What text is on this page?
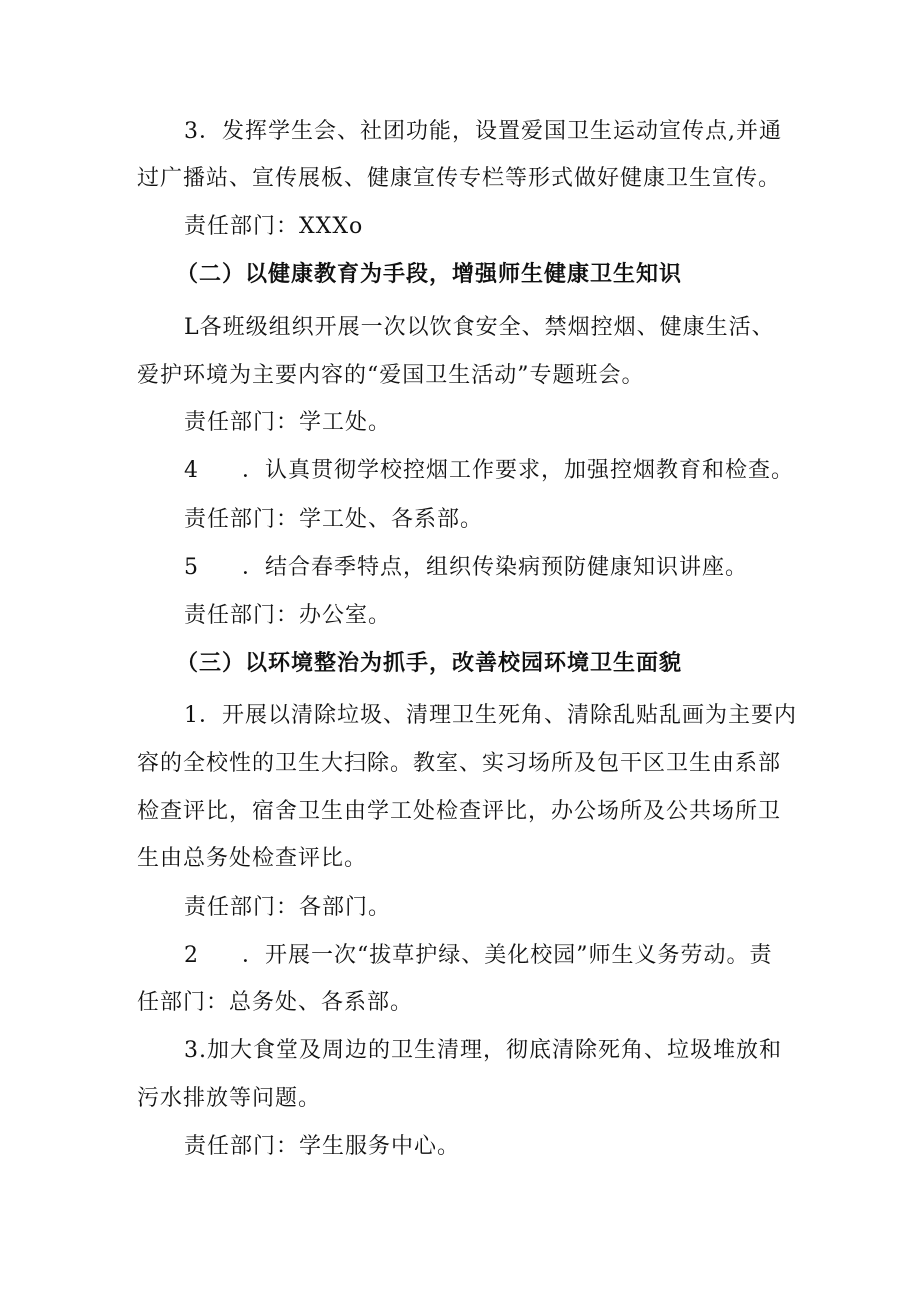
3．发挥学生会、社团功能，设置爱国卫生运动宣传点,并通
过广播站、宣传展板、健康宣传专栏等形式做好健康卫生宣传。
责任部门：XXXo
（二）以健康教育为手段，增强师生健康卫生知识
L各班级组织开展一次以饮食安全、禁烟控烟、健康生活、
爱护环境为主要内容的“爱国卫生活动”专题班会。
责任部门：学工处。
4 ．认真贯彻学校控烟工作要求，加强控烟教育和检查。
责任部门：学工处、各系部。
5 ．结合春季特点，组织传染病预防健康知识讲座。
责任部门：办公室。
（三）以环境整治为抓手，改善校园环境卫生面貌
1．开展以清除垃圾、清理卫生死角、清除乱贴乱画为主要内
容的全校性的卫生大扫除。教室、实习场所及包干区卫生由系部
检查评比，宿舍卫生由学工处检查评比，办公场所及公共场所卫
生由总务处检查评比。
责任部门：各部门。
2 ．开展一次“拔草护绿、美化校园”师生义务劳动。责
任部门：总务处、各系部。
3.加大食堂及周边的卫生清理，彻底清除死角、垃圾堆放和
污水排放等问题。
责任部门：学生服务中心。
